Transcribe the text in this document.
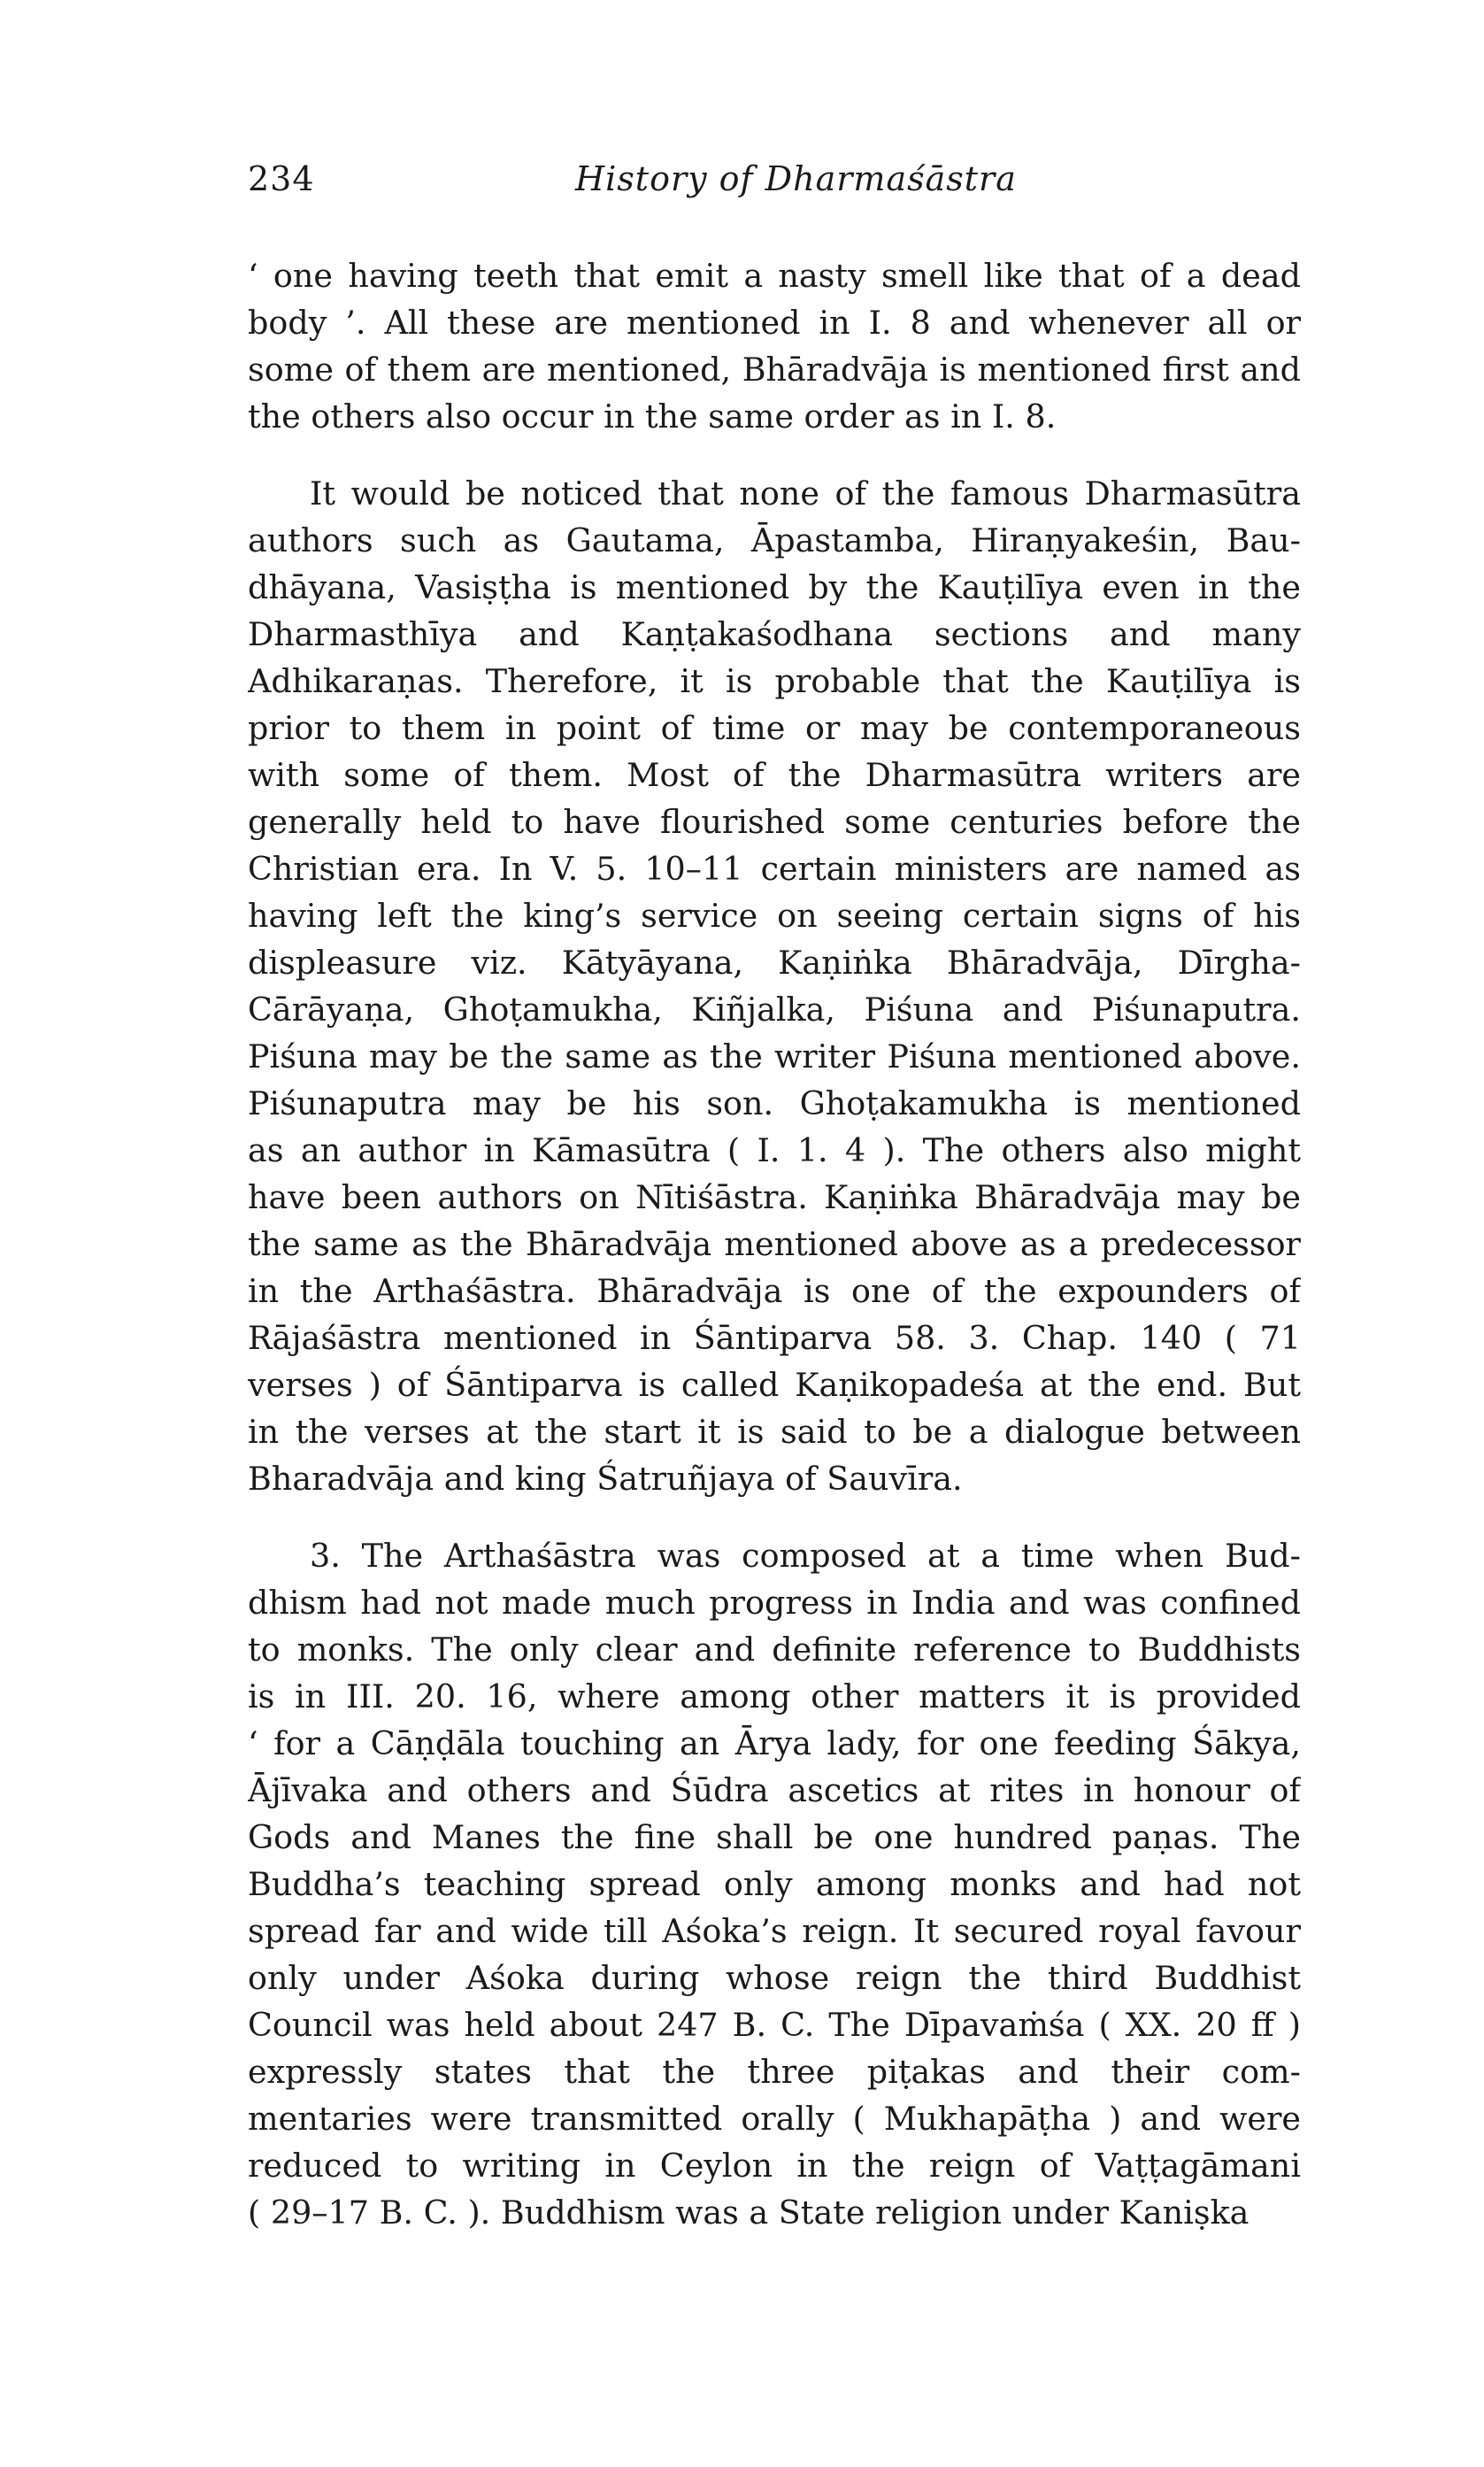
234	History of Dharmaśāstra
‘ one having teeth that emit a nasty smell like that of a dead
body ’. All these are mentioned in I. 8 and whenever all or
some of them are mentioned, Bhāradvāja is mentioned first and
the others also occur in the same order as in I. 8.
It would be noticed that none of the famous Dharmasūtra
authors such as Gautama, Āpastamba, Hiraṇyakeśin, Bau-
dhāyana, Vasiṣṭha is mentioned by the Kauṭilīya even in the
Dharmasthīya and Kaṇṭakaśodhana sections and many
Adhikaraṇas. Therefore, it is probable that the Kauṭilīya is
prior to them in point of time or may be contemporaneous
with some of them. Most of the Dharmasūtra writers are
generally held to have flourished some centuries before the
Christian era. In V. 5. 10–11 certain ministers are named as
having left the king’s service on seeing certain signs of his
displeasure viz. Kātyāyana, Kaṇiṅka Bhāradvāja, Dīrgha-
Cārāyaṇa, Ghoṭamukha, Kiñjalka, Piśuna and Piśunaputra.
Piśuna may be the same as the writer Piśuna mentioned above.
Piśunaputra may be his son. Ghoṭakamukha is mentioned
as an author in Kāmasūtra ( I. 1. 4 ). The others also might
have been authors on Nītiśāstra. Kaṇiṅka Bhāradvāja may be
the same as the Bhāradvāja mentioned above as a predecessor
in the Arthaśāstra. Bhāradvāja is one of the expounders of
Rājaśāstra mentioned in Śāntiparva 58. 3. Chap. 140 ( 71
verses ) of Śāntiparva is called Kaṇikopadeśa at the end. But
in the verses at the start it is said to be a dialogue between
Bharadvāja and king Śatruñjaya of Sauvīra.
3. The Arthaśāstra was composed at a time when Bud-
dhism had not made much progress in India and was confined
to monks. The only clear and definite reference to Buddhists
is in III. 20. 16, where among other matters it is provided
‘ for a Cāṇḍāla touching an Ārya lady, for one feeding Śākya,
Ājīvaka and others and Śūdra ascetics at rites in honour of
Gods and Manes the fine shall be one hundred paṇas. The
Buddha’s teaching spread only among monks and had not
spread far and wide till Aśoka’s reign. It secured royal favour
only under Aśoka during whose reign the third Buddhist
Council was held about 247 B. C. The Dīpavaṁśa ( XX. 20 ff )
expressly states that the three piṭakas and their com-
mentaries were transmitted orally ( Mukhapāṭha ) and were
reduced to writing in Ceylon in the reign of Vaṭṭagāmani
( 29–17 B. C. ). Buddhism was a State religion under Kaniṣka
